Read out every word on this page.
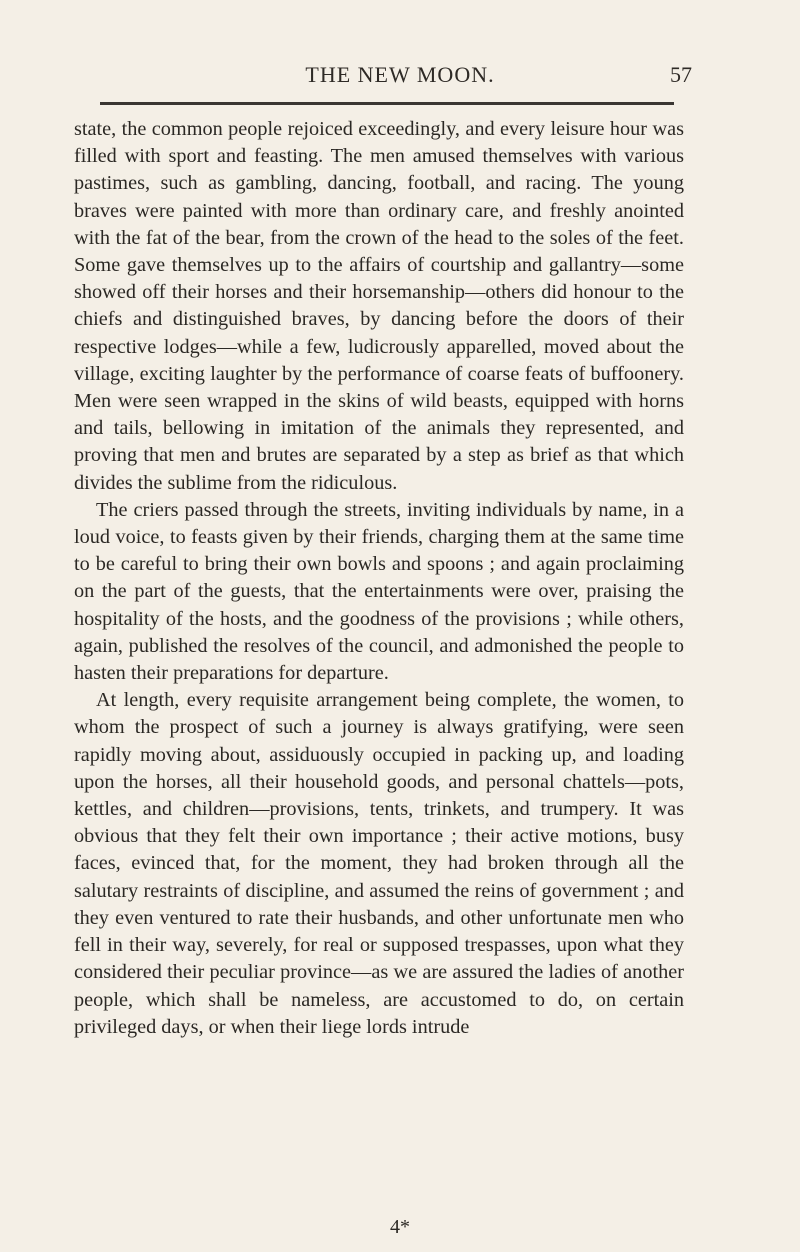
THE NEW MOON.	57

state, the common people rejoiced exceedingly, and every leisure hour was filled with sport and feasting. The men amused themselves with various pastimes, such as gambling, dancing, football, and racing. The young braves were painted with more than ordinary care, and freshly anointed with the fat of the bear, from the crown of the head to the soles of the feet. Some gave themselves up to the affairs of courtship and gallantry—some showed off their horses and their horsemanship—others did honour to the chiefs and distinguished braves, by dancing before the doors of their respective lodges—while a few, ludicrously apparelled, moved about the village, exciting laughter by the performance of coarse feats of buffoonery. Men were seen wrapped in the skins of wild beasts, equipped with horns and tails, bellowing in imitation of the animals they represented, and proving that men and brutes are separated by a step as brief as that which divides the sublime from the ridiculous.

The criers passed through the streets, inviting individuals by name, in a loud voice, to feasts given by their friends, charging them at the same time to be careful to bring their own bowls and spoons ; and again proclaiming on the part of the guests, that the entertainments were over, praising the hospitality of the hosts, and the goodness of the provisions ; while others, again, published the resolves of the council, and admonished the people to hasten their preparations for departure.

At length, every requisite arrangement being complete, the women, to whom the prospect of such a journey is always gratifying, were seen rapidly moving about, assiduously occupied in packing up, and loading upon the horses, all their household goods, and personal chattels—pots, kettles, and children—provisions, tents, trinkets, and trumpery. It was obvious that they felt their own importance ; their active motions, busy faces, evinced that, for the moment, they had broken through all the salutary restraints of discipline, and assumed the reins of government ; and they even ventured to rate their husbands, and other unfortunate men who fell in their way, severely, for real or supposed trespasses, upon what they considered their peculiar province—as we are assured the ladies of another people, which shall be nameless, are accustomed to do, on certain privileged days, or when their liege lords intrude

4*
